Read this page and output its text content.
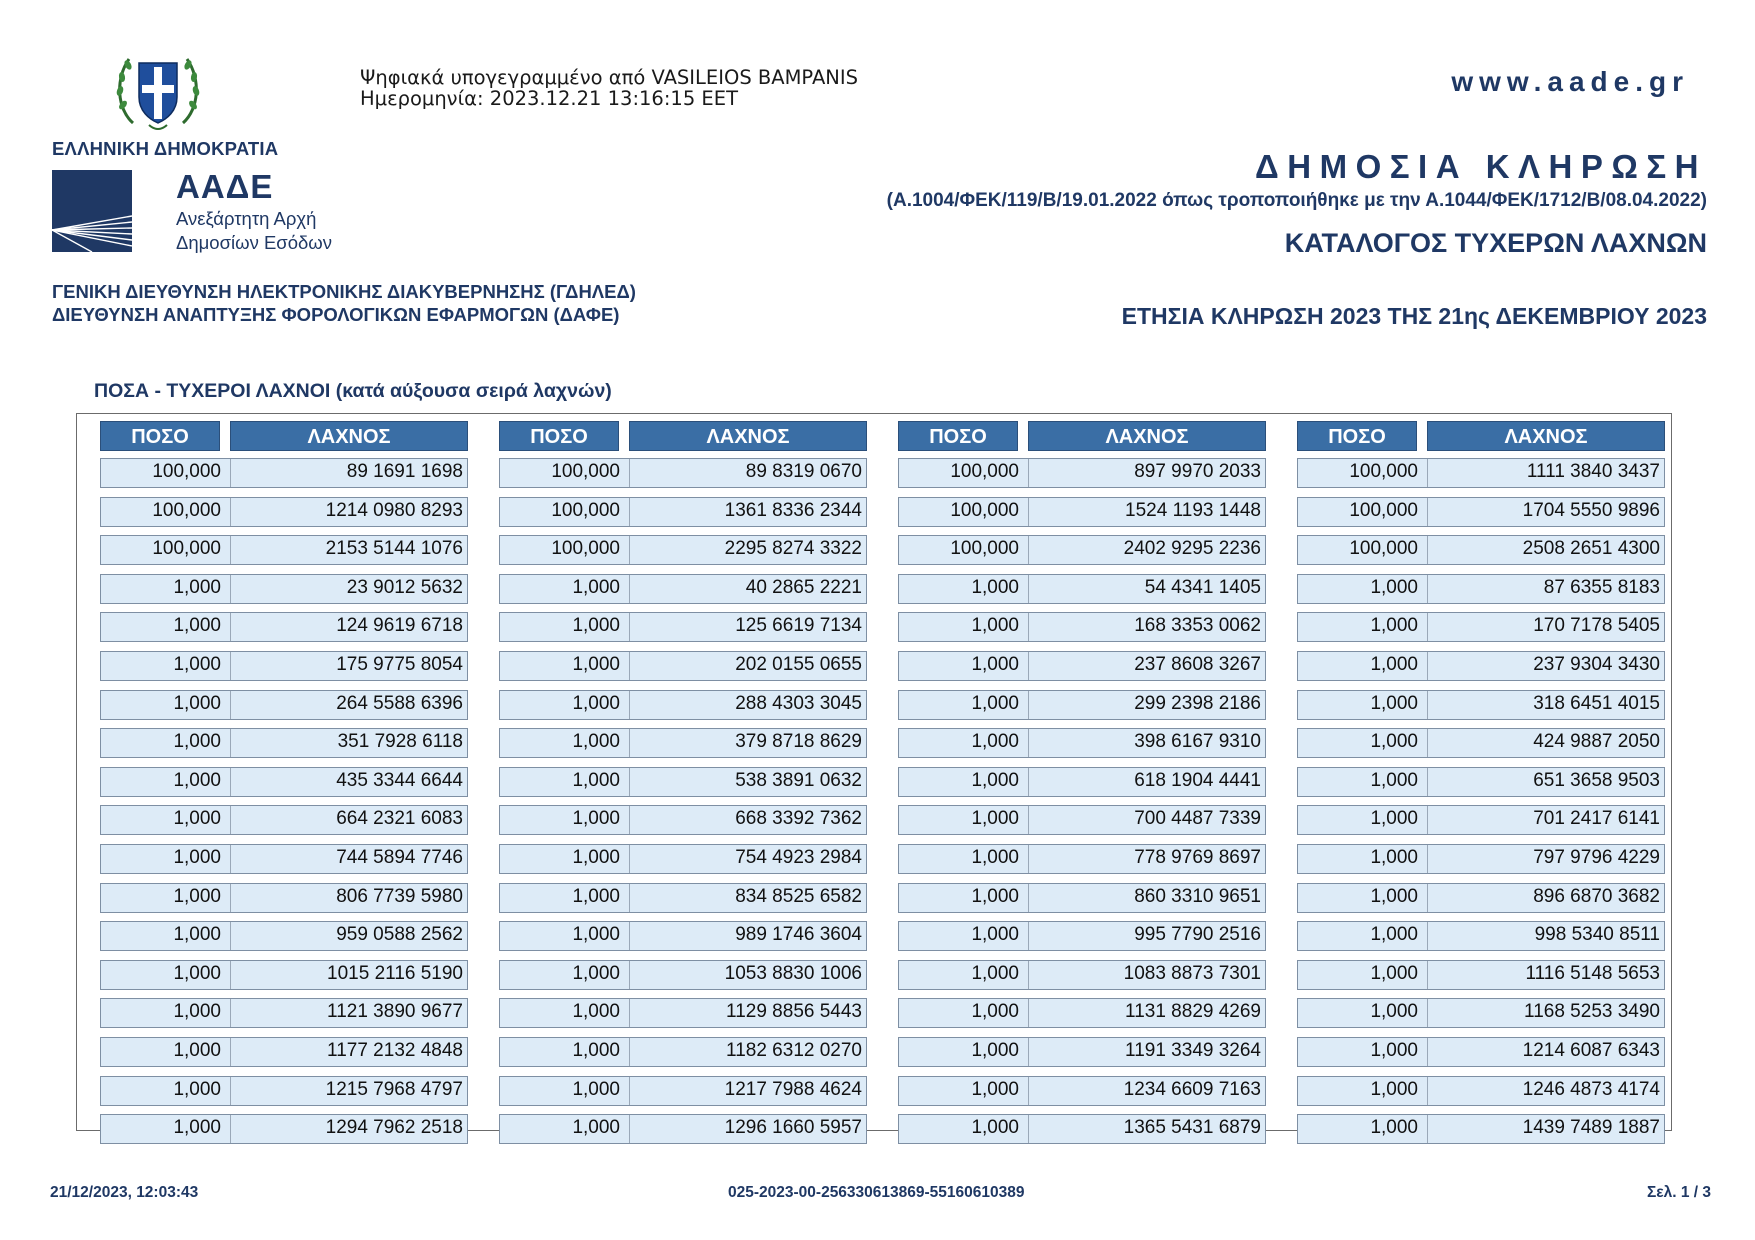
ΕΛΛΗΝΙΚΗ ΔΗΜΟΚΡΑΤΙΑ
ΑΑΔΕ
Ανεξάρτητη Αρχή
Δημοσίων Εσόδων
Ψηφιακά υπογεγραμμένο από VASILEIOS BAMPANIS
Ημερομηνία: 2023.12.21 13:16:15 EET
www.aade.gr
ΔΗΜΟΣΙΑ ΚΛΗΡΩΣΗ
(Α.1004/ΦΕΚ/119/Β/19.01.2022 όπως τροποποιήθηκε με την Α.1044/ΦΕΚ/1712/Β/08.04.2022)
ΚΑΤΑΛΟΓΟΣ ΤΥΧΕΡΩΝ ΛΑΧΝΩΝ
ΓΕΝΙΚΗ ΔΙΕΥΘΥΝΣΗ ΗΛΕΚΤΡΟΝΙΚΗΣ ΔΙΑΚΥΒΕΡΝΗΣΗΣ (ΓΔΗΛΕΔ)
ΔΙΕΥΘΥΝΣΗ ΑΝΑΠΤΥΞΗΣ ΦΟΡΟΛΟΓΙΚΩΝ ΕΦΑΡΜΟΓΩΝ (ΔΑΦΕ)	ΕΤΗΣΙΑ ΚΛΗΡΩΣΗ 2023 ΤΗΣ 21ης ΔΕΚΕΜΒΡΙΟΥ 2023
ΠΟΣΑ - ΤΥΧΕΡΟΙ ΛΑΧΝΟΙ (κατά αύξουσα σειρά λαχνών)
ΠΟΣΟ	ΛΑΧΝΟΣ
100,000	89 1691 1698
100,000	1214 0980 8293
100,000	2153 5144 1076
1,000	23 9012 5632
1,000	124 9619 6718
1,000	175 9775 8054
1,000	264 5588 6396
1,000	351 7928 6118
1,000	435 3344 6644
1,000	664 2321 6083
1,000	744 5894 7746
1,000	806 7739 5980
1,000	959 0588 2562
1,000	1015 2116 5190
1,000	1121 3890 9677
1,000	1177 2132 4848
1,000	1215 7968 4797
1,000	1294 7962 2518
ΠΟΣΟ	ΛΑΧΝΟΣ
100,000	89 8319 0670
100,000	1361 8336 2344
100,000	2295 8274 3322
1,000	40 2865 2221
1,000	125 6619 7134
1,000	202 0155 0655
1,000	288 4303 3045
1,000	379 8718 8629
1,000	538 3891 0632
1,000	668 3392 7362
1,000	754 4923 2984
1,000	834 8525 6582
1,000	989 1746 3604
1,000	1053 8830 1006
1,000	1129 8856 5443
1,000	1182 6312 0270
1,000	1217 7988 4624
1,000	1296 1660 5957
ΠΟΣΟ	ΛΑΧΝΟΣ
100,000	897 9970 2033
100,000	1524 1193 1448
100,000	2402 9295 2236
1,000	54 4341 1405
1,000	168 3353 0062
1,000	237 8608 3267
1,000	299 2398 2186
1,000	398 6167 9310
1,000	618 1904 4441
1,000	700 4487 7339
1,000	778 9769 8697
1,000	860 3310 9651
1,000	995 7790 2516
1,000	1083 8873 7301
1,000	1131 8829 4269
1,000	1191 3349 3264
1,000	1234 6609 7163
1,000	1365 5431 6879
ΠΟΣΟ	ΛΑΧΝΟΣ
100,000	1111 3840 3437
100,000	1704 5550 9896
100,000	2508 2651 4300
1,000	87 6355 8183
1,000	170 7178 5405
1,000	237 9304 3430
1,000	318 6451 4015
1,000	424 9887 2050
1,000	651 3658 9503
1,000	701 2417 6141
1,000	797 9796 4229
1,000	896 6870 3682
1,000	998 5340 8511
1,000	1116 5148 5653
1,000	1168 5253 3490
1,000	1214 6087 6343
1,000	1246 4873 4174
1,000	1439 7489 1887
21/12/2023, 12:03:43	025-2023-00-256330613869-55160610389	Σελ. 1 / 3
